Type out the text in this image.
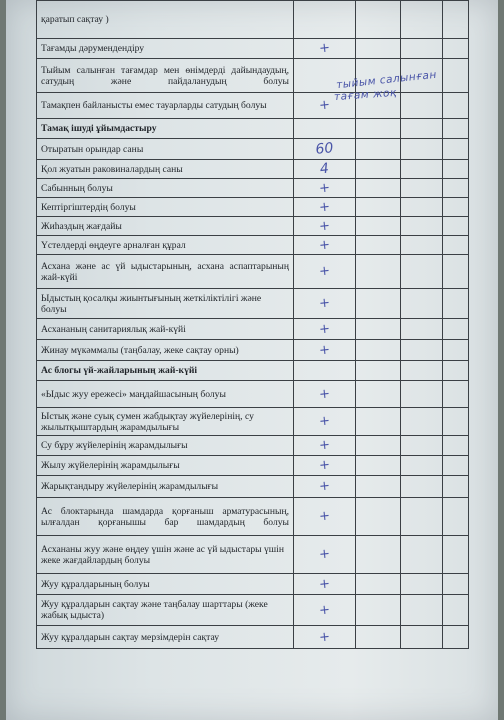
қаратып сақтау )	

Тағамды дәрумендендіру	+			

Тыйым салынған тағамдар мен өнімдерді дайындаудың, сатудың және пайдаланудың болуы	

Тамақпен байланысты емес тауарларды сатудың болуы	+			

Тамақ ішуді ұйымдастыру	

Отыратын орындар саны	60			

Қол жуатын раковиналардың саны	4			

Сабынның болуы	+			

Кептіргіштердің болуы	+			

Жиһаздың жағдайы	+			

Үстелдерді өңдеуге арналған құрал	+			

Асхана және ас үй ыдыстарының, асхана аспаптарының жай-күйі	+			

Ыдыстың қосалқы жиынтығының жеткіліктілігі және болуы	+			

Асхананың санитариялық жай-күйі	+			

Жинау мүкәммалы (таңбалау, жеке сақтау орны)	+			

Ас блогы үй-жайларының жай-күйі	

«Ыдыс жуу ережесі» маңдайшасының болуы	+			

Ыстық және суық сумен жабдықтау жүйелерінің, су жылытқыштардың жарамдылығы	+			

Су бұру жүйелерінің жарамдылығы	+			

Жылу жүйелерінің жарамдылығы	+			

Жарықтандыру жүйелерінің жарамдылығы	+			

Ас блоктарында шамдарда қорғаныш арматурасының, ылғалдан қорғанышы бар шамдардың болуы	+			

Асхананы жуу және өңдеу үшін және ас үй ыдыстары үшін жеке жағдайлардың болуы	+			

Жуу құралдарының болуы	+			

Жуу құралдарын сақтау және таңбалау шарттары (жеке жабық ыдыста)	+			

Жуу құралдарын сақтау мерзімдерін сақтау	+			

тыйым салынған
тағам жоқ
